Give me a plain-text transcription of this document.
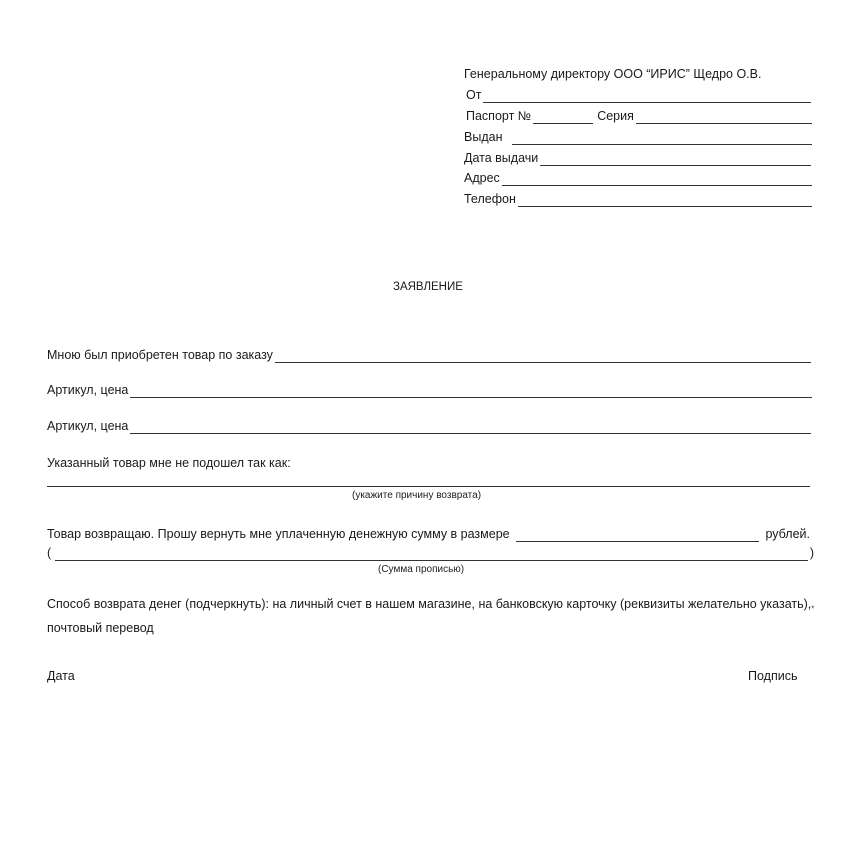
Генеральному директору ООО “ИРИС” Щедро О.В.
От
Паспорт №	Серия
Выдан
Дата выдачи
Адрес
Телефон
ЗАЯВЛЕНИЕ
Мною был приобретен товар по заказу
Артикул, цена
Артикул, цена
Указанный товар мне не подошел так как:
(укажите причину возврата)
Товар возвращаю. Прошу вернуть мне уплаченную денежную сумму в размере	рублей.
(	)
(Сумма прописью)
Способ возврата денег (подчеркнуть): на личный счет в нашем магазине, на банковскую карточку (реквизиты желательно $указать),_*$ почтовый перевод
Дата	Подпись
